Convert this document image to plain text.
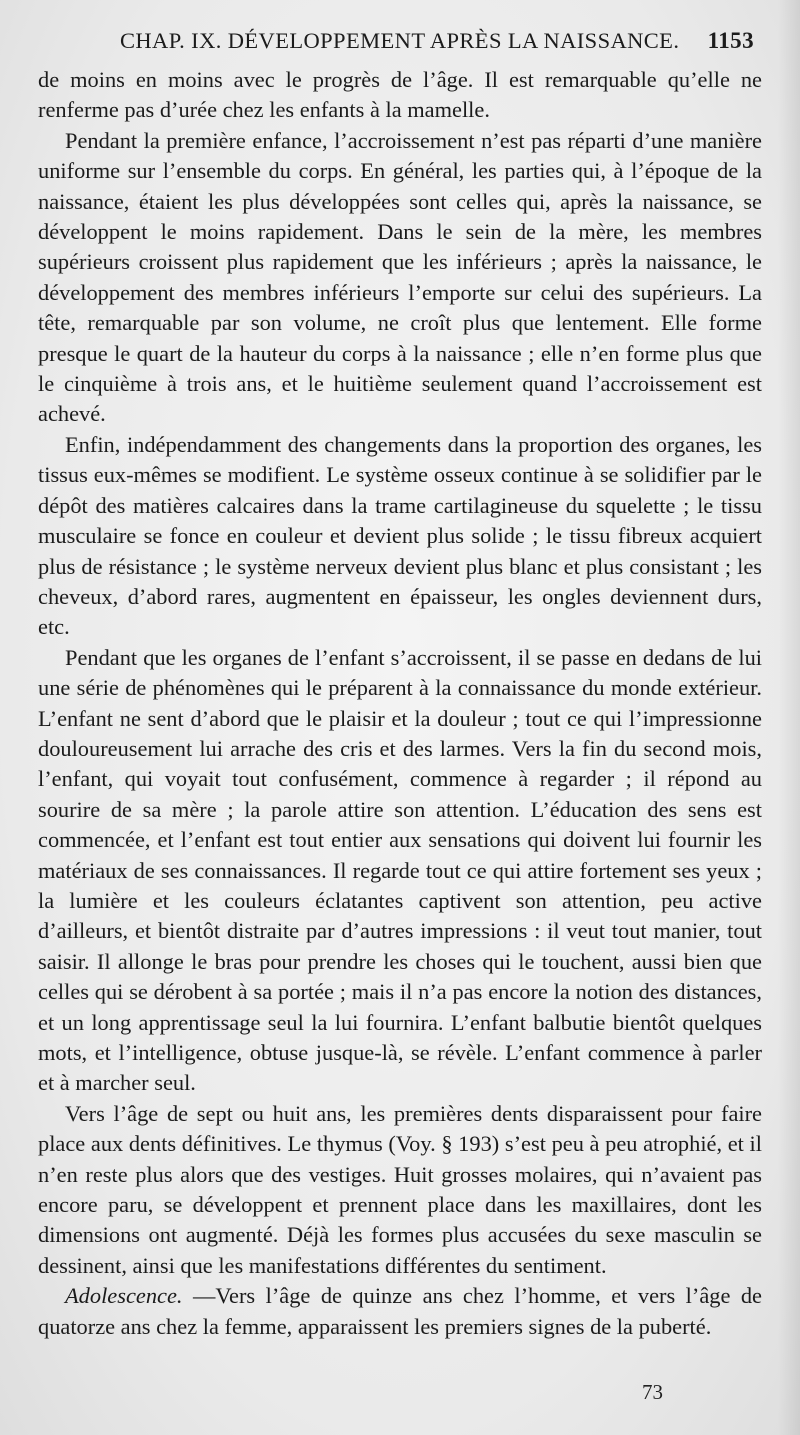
CHAP. IX. DÉVELOPPEMENT APRÈS LA NAISSANCE. 1153

de moins en moins avec le progrès de l’âge. Il est remarquable qu’elle ne renferme pas d’urée chez les enfants à la mamelle.

Pendant la première enfance, l’accroissement n’est pas réparti d’une manière uniforme sur l’ensemble du corps. En général, les parties qui, à l’époque de la naissance, étaient les plus développées sont celles qui, après la naissance, se développent le moins rapidement. Dans le sein de la mère, les membres supérieurs croissent plus rapidement que les inférieurs ; après la naissance, le développement des membres inférieurs l’emporte sur celui des supérieurs. La tête, remarquable par son volume, ne croît plus que lentement. Elle forme presque le quart de la hauteur du corps à la naissance ; elle n’en forme plus que le cinquième à trois ans, et le huitième seulement quand l’accroissement est achevé.

Enfin, indépendamment des changements dans la proportion des organes, les tissus eux-mêmes se modifient. Le système osseux continue à se solidifier par le dépôt des matières calcaires dans la trame cartilagineuse du squelette ; le tissu musculaire se fonce en couleur et devient plus solide ; le tissu fibreux acquiert plus de résistance ; le système nerveux devient plus blanc et plus consistant ; les cheveux, d’abord rares, augmentent en épaisseur, les ongles deviennent durs, etc.

Pendant que les organes de l’enfant s’accroissent, il se passe en dedans de lui une série de phénomènes qui le préparent à la connaissance du monde extérieur. L’enfant ne sent d’abord que le plaisir et la douleur ; tout ce qui l’impressionne douloureusement lui arrache des cris et des larmes. Vers la fin du second mois, l’enfant, qui voyait tout confusément, commence à regarder ; il répond au sourire de sa mère ; la parole attire son attention. L’éducation des sens est commencée, et l’enfant est tout entier aux sensations qui doivent lui fournir les matériaux de ses connaissances. Il regarde tout ce qui attire fortement ses yeux ; la lumière et les couleurs éclatantes captivent son attention, peu active d’ailleurs, et bientôt distraite par d’autres impressions : il veut tout manier, tout saisir. Il allonge le bras pour prendre les choses qui le touchent, aussi bien que celles qui se dérobent à sa portée ; mais il n’a pas encore la notion des distances, et un long apprentissage seul la lui fournira. L’enfant balbutie bientôt quelques mots, et l’intelligence, obtuse jusque-là, se révèle. L’enfant commence à parler et à marcher seul.

Vers l’âge de sept ou huit ans, les premières dents disparaissent pour faire place aux dents définitives. Le thymus (Voy. § 193) s’est peu à peu atrophié, et il n’en reste plus alors que des vestiges. Huit grosses molaires, qui n’avaient pas encore paru, se développent et prennent place dans les maxillaires, dont les dimensions ont augmenté. Déjà les formes plus accusées du sexe masculin se dessinent, ainsi que les manifestations différentes du sentiment.

Adolescence. —Vers l’âge de quinze ans chez l’homme, et vers l’âge de quatorze ans chez la femme, apparaissent les premiers signes de la puberté.

73
